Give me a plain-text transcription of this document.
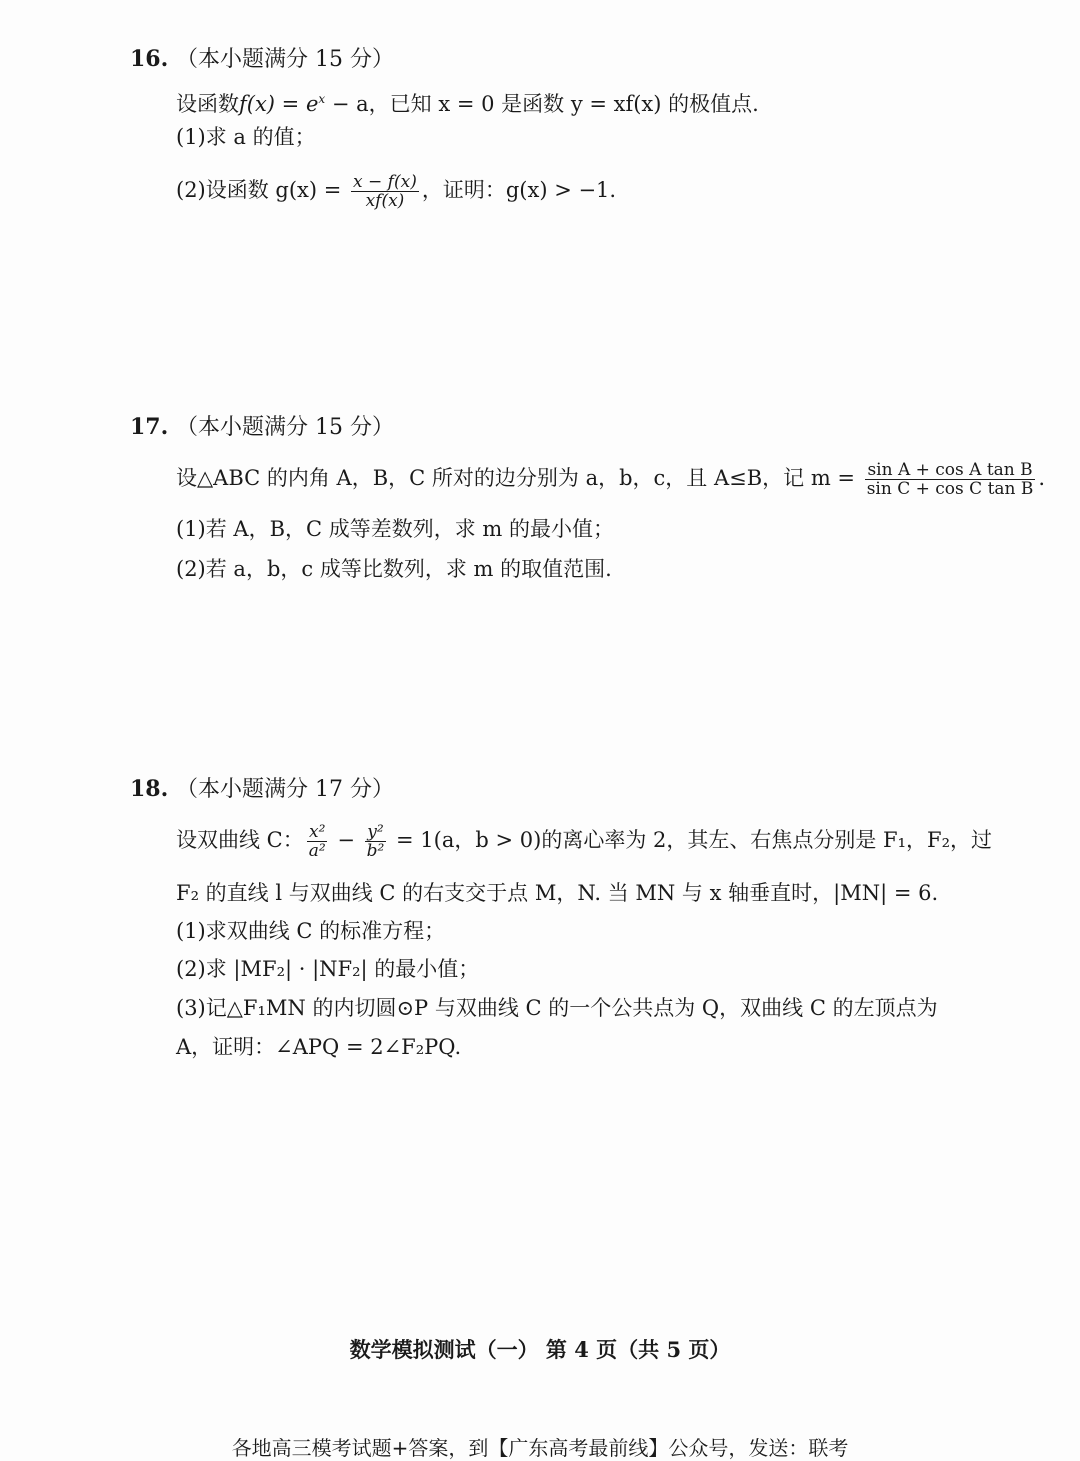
16. （本小题满分 15 分）
设函数$f(x) = e^x - a$，已知 x = 0 是函数 y = xf(x) 的极值点.
(1)求 a 的值；
(2)设函数 $g(x) = \frac{x - f(x)}{xf(x)}$ ，证明：g(x) > −1.
17. （本小题满分 15 分）
设△ABC 的内角 A，B，C 所对的边分别为 a，b，c，且 A≤B，记 $m = \frac{\text{sin A + cos A tan B}}{\text{sin C + cos C tan B}}$ .
(1)若 A，B，C 成等差数列，求 m 的最小值；
(2)若 a，b，c 成等比数列，求 m 的取值范围.
18. （本小题满分 17 分）
设双曲线 C： $\frac{\text{x²}}{\text{a²}} - \frac{\text{y²}}{\text{b²}} = 1(a$，b > 0)的离心率为 2，其左、右焦点分别是 F₁，F₂，过
F₂ 的直线 l 与双曲线 C 的右支交于点 M，N. 当 MN 与 x 轴垂直时，|MN| = 6.
(1)求双曲线 C 的标准方程；
(2)求 |MF₂| · |NF₂| 的最小值；
(3)记△F₁MN 的内切圆⊙P 与双曲线 C 的一个公共点为 Q，双曲线 C 的左顶点为
A，证明：∠APQ = 2∠F₂PQ.
数学模拟测试（一） 第 4 页（共 5 页）
各地高三模考试题+答案，到【广东高考最前线】公众号，发送：联考
